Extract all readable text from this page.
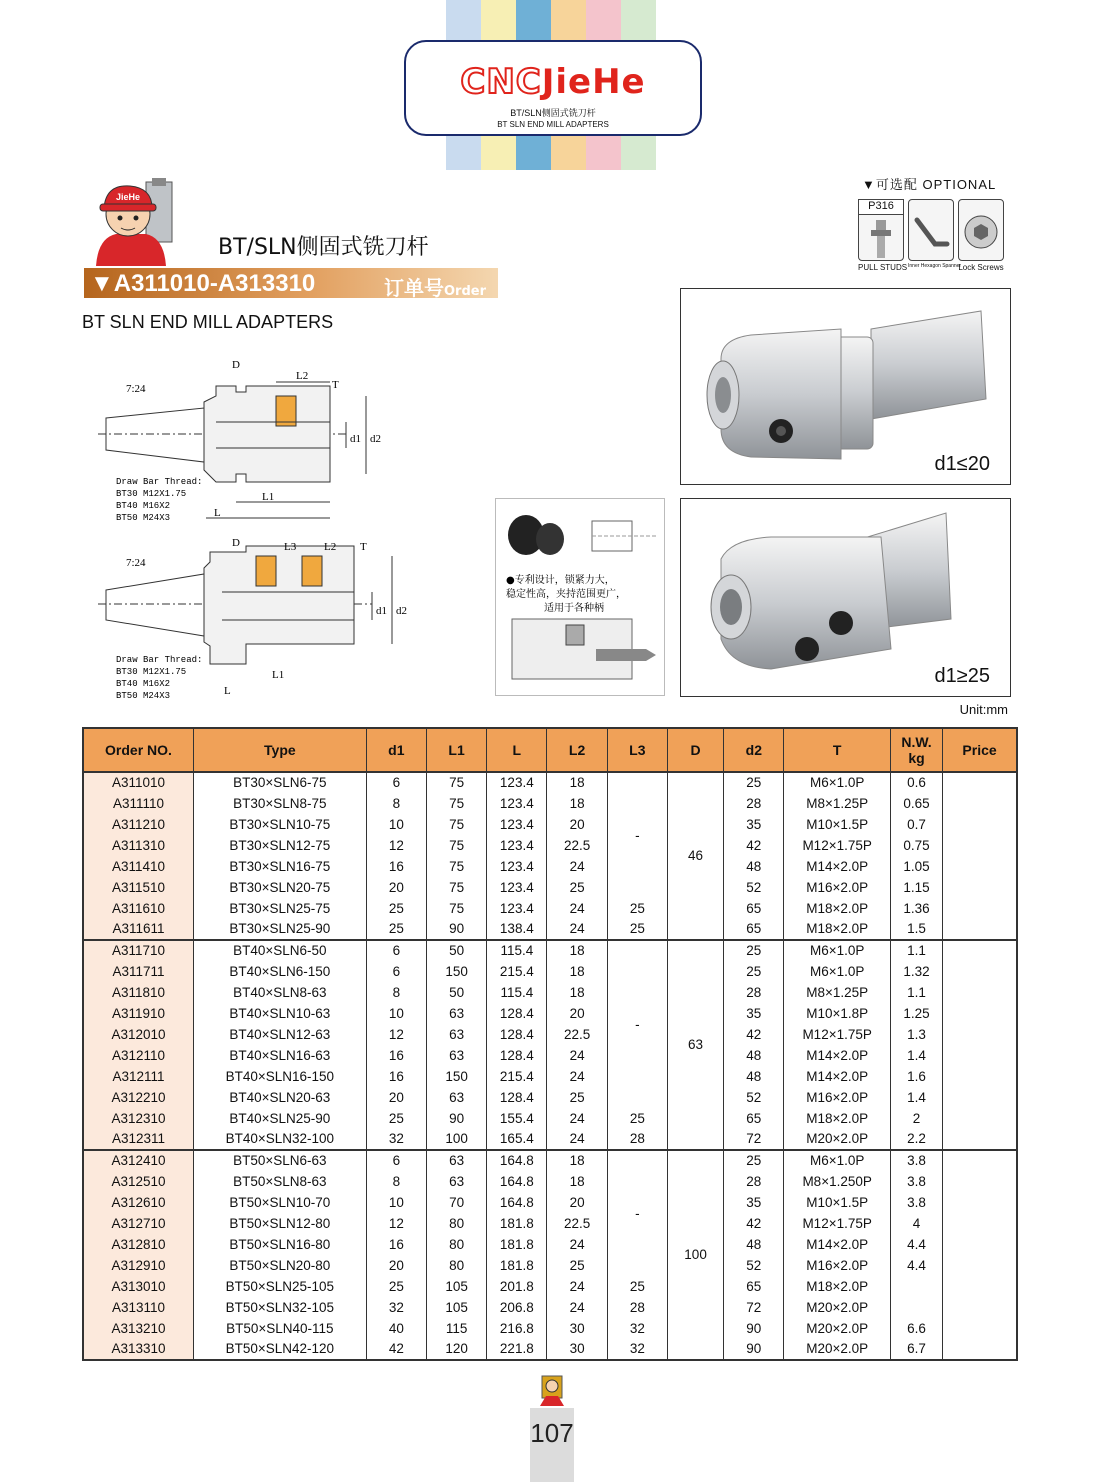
CNCJieHe
BT/SLN侧固式铣刀杆
BT SLN END MILL ADAPTERS
JieHe
BT/SLN侧固式铣刀杆
▼A311010-A313310	订单号Order NO.
BT SLN END MILL ADAPTERS
▼可选配 OPTIONAL
P316
PULL STUDS Inner Hexagon Spanner
Lock Screws
7:24
D
L2
T
d1 d2
L1
L
Draw Bar Thread:
BT30 M12X1.75
BT40 M16X2
BT50 M24X3
7:24
D	L3	L2 T
d1 d2
L1
L
Draw Bar Thread:
BT30 M12X1.75
BT40 M16X2
BT50 M24X3
●专利设计，锁紧力大，
稳定性高，夹持范围更广，
适用于各种柄
d1≤20
d1≥25
Unit:mm
Order NO.	Type	d1	L1	L	L2	L3	D	d2	T	N.W.
kg	Price
A311010	BT30×SLN6-75	6	75	123.4	18	-	46	25	M6×1.0P	0.6	
A311110	BT30×SLN8-75	8	75	123.4	18			28	M8×1.25P	0.65	
A311210	BT30×SLN10-75	10	75	123.4	20			35	M10×1.5P	0.7	
A311310	BT30×SLN12-75	12	75	123.4	22.5			42	M12×1.75P	0.75	
A311410	BT30×SLN16-75	16	75	123.4	24			48	M14×2.0P	1.05	
A311510	BT30×SLN20-75	20	75	123.4	25			52	M16×2.0P	1.15	
A311610	BT30×SLN25-75	25	75	123.4	24	25		65	M18×2.0P	1.36	
A311611	BT30×SLN25-90	25	90	138.4	24	25		65	M18×2.0P	1.5	
A311710	BT40×SLN6-50	6	50	115.4	18	-	63	25	M6×1.0P	1.1	
A311711	BT40×SLN6-150	6	150	215.4	18			25	M6×1.0P	1.32	
A311810	BT40×SLN8-63	8	50	115.4	18			28	M8×1.25P	1.1	
A311910	BT40×SLN10-63	10	63	128.4	20			35	M10×1.8P	1.25	
A312010	BT40×SLN12-63	12	63	128.4	22.5			42	M12×1.75P	1.3	
A312110	BT40×SLN16-63	16	63	128.4	24			48	M14×2.0P	1.4	
A312111	BT40×SLN16-150	16	150	215.4	24			48	M14×2.0P	1.6	
A312210	BT40×SLN20-63	20	63	128.4	25			52	M16×2.0P	1.4	
A312310	BT40×SLN25-90	25	90	155.4	24	25		65	M18×2.0P	2	
A312311	BT40×SLN32-100	32	100	165.4	24	28		72	M20×2.0P	2.2	
A312410	BT50×SLN6-63	6	63	164.8	18	-	100	25	M6×1.0P	3.8	
A312510	BT50×SLN8-63	8	63	164.8	18			28	M8×1.250P	3.8	
A312610	BT50×SLN10-70	10	70	164.8	20			35	M10×1.5P	3.8	
A312710	BT50×SLN12-80	12	80	181.8	22.5			42	M12×1.75P	4	
A312810	BT50×SLN16-80	16	80	181.8	24			48	M14×2.0P	4.4	
A312910	BT50×SLN20-80	20	80	181.8	25			52	M16×2.0P	4.4	
A313010	BT50×SLN25-105	25	105	201.8	24	25		65	M18×2.0P		
A313110	BT50×SLN32-105	32	105	206.8	24	28		72	M20×2.0P		
A313210	BT50×SLN40-115	40	115	216.8	30	32		90	M20×2.0P	6.6	
A313310	BT50×SLN42-120	42	120	221.8	30	32		90	M20×2.0P	6.7	
107
